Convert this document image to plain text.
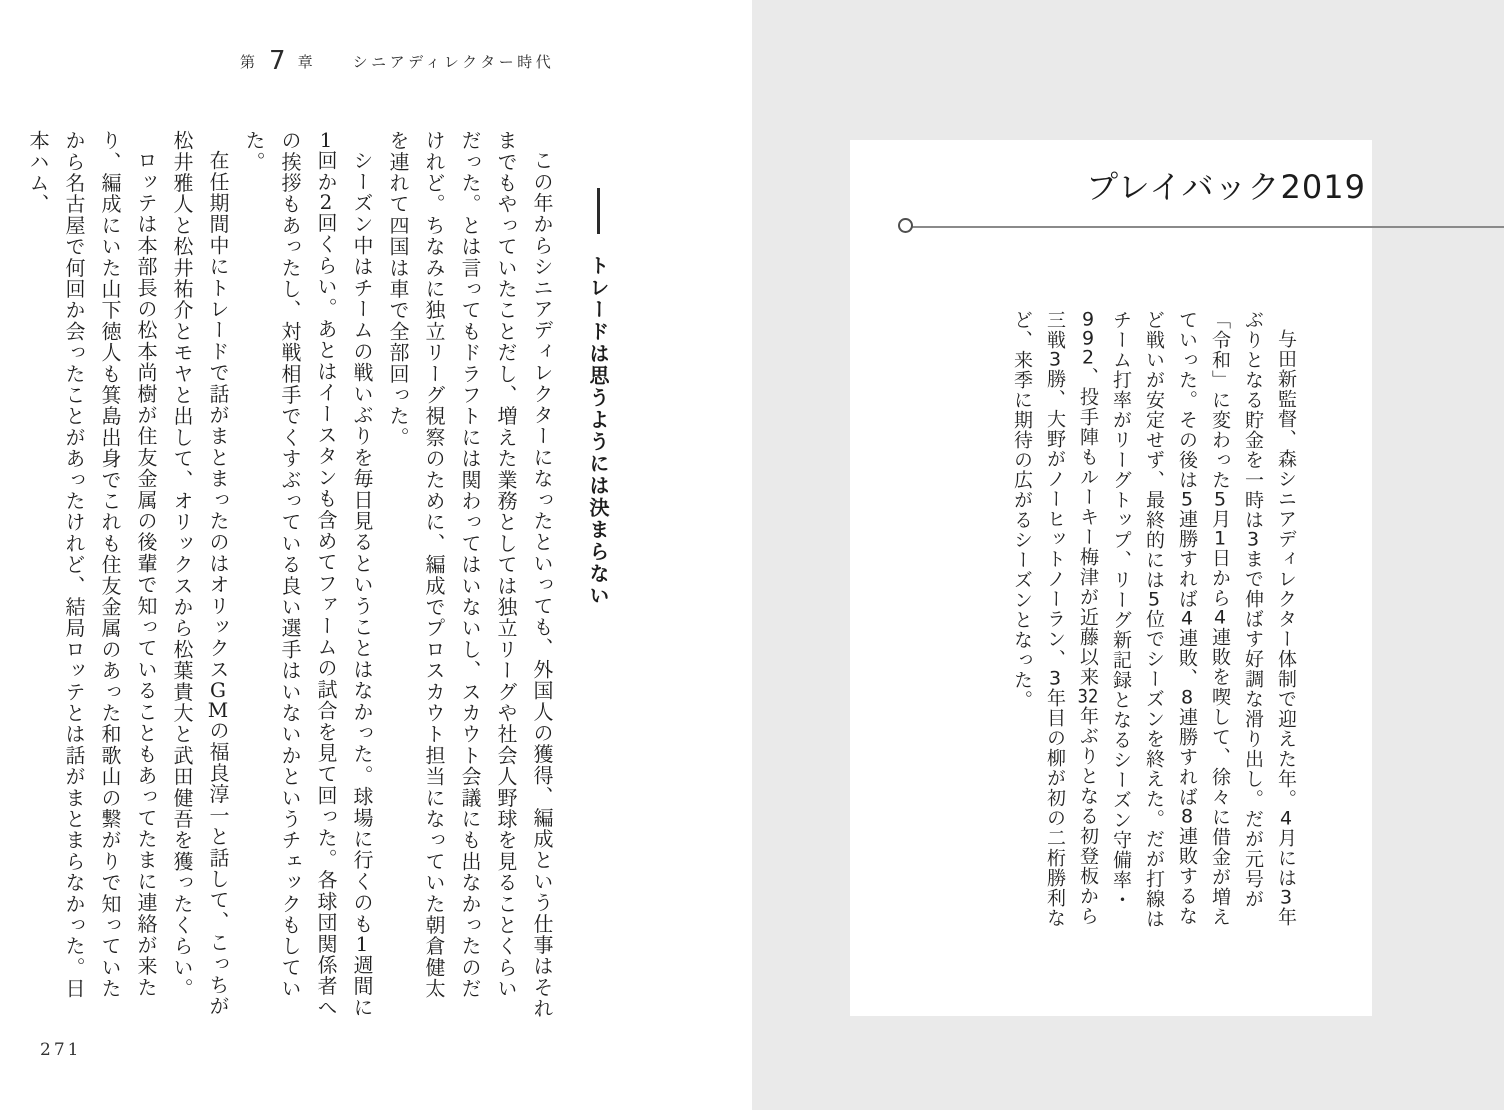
第 7 章 シニアディレクター時代
トレードは思うようには決まらない

この年からシニアディレクターになったといっても、外国人の獲得、編成という仕事はそれまでもやっていたことだし、増えた業務としては独立リーグや社会人野球を見ることくらいだった。とは言ってもドラフトには関わってはいないし、スカウト会議にも出なかったのだけれど。ちなみに独立リーグ視察のために、編成でプロスカウト担当になっていた朝倉健太を連れて四国は車で全部回った。

シーズン中はチームの戦いぶりを毎日見るということはなかった。球場に行くのも1週間に1回か2回くらい。あとはイースタンも含めてファームの試合を見て回った。各球団関係者への挨拶もあったし、対戦相手でくすぶっている良い選手はいないかというチェックもしていた。

在任期間中にトレードで話がまとまったのはオリックスGMの福良淳一と話して、こっちが松井雅人と松井祐介とモヤと出して、オリックスから松葉貴大と武田健吾を獲ったくらい。

ロッテは本部長の松本尚樹が住友金属の後輩で知っていることもあってたまに連絡が来たり、編成にいた山下徳人も箕島出身でこれも住友金属のあった和歌山の繋がりで知っていたから名古屋で何回か会ったことがあったけれど、結局ロッテとは話がまとまらなかった。日本ハム、

271
プレイバック2019
与田新監督、森シニアディレクター体制で迎えた年。4月には3年ぶりとなる貯金を一時は3まで伸ばす好調な滑り出し。だが元号が「令和」に変わった5月1日から4連敗を喫して、徐々に借金が増えていった。その後は5連勝すれば4連敗、8連勝すれば8連敗するなど戦いが安定せず、最終的には5位でシーズンを終えた。だが打線はチーム打率がリーグトップ、リーグ新記録となるシーズン守備率・992、投手陣もルーキー梅津が近藤以来32年ぶりとなる初登板から三戦3勝、大野がノーヒットノーラン、3年目の柳が初の二桁勝利など、来季に期待の広がるシーズンとなった。
